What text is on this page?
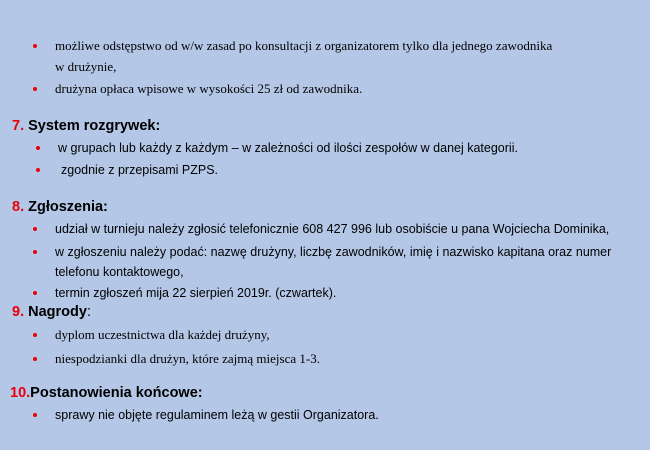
możliwe odstępstwo od w/w zasad po konsultacji z organizatorem tylko dla jednego zawodnika
w drużynie,
drużyna opłaca wpisowe w wysokości 25 zł od zawodnika.
7. System rozgrywek:
w grupach lub każdy z każdym – w zależności od ilości zespołów w danej kategorii.
zgodnie z przepisami PZPS.
8. Zgłoszenia:
udział w turnieju należy zgłosić telefonicznie 608 427 996 lub osobiście u pana Wojciecha Dominika,
w zgłoszeniu należy podać: nazwę drużyny, liczbę zawodników, imię i nazwisko kapitana oraz numer
telefonu kontaktowego,
termin zgłoszeń mija 22 sierpień 2019r. (czwartek).
9. Nagrody:
dyplom uczestnictwa dla każdej drużyny,
niespodzianki dla drużyn, które zajmą miejsca 1-3.
10.Postanowienia końcowe:
sprawy nie objęte regulaminem leżą w gestii Organizatora.
